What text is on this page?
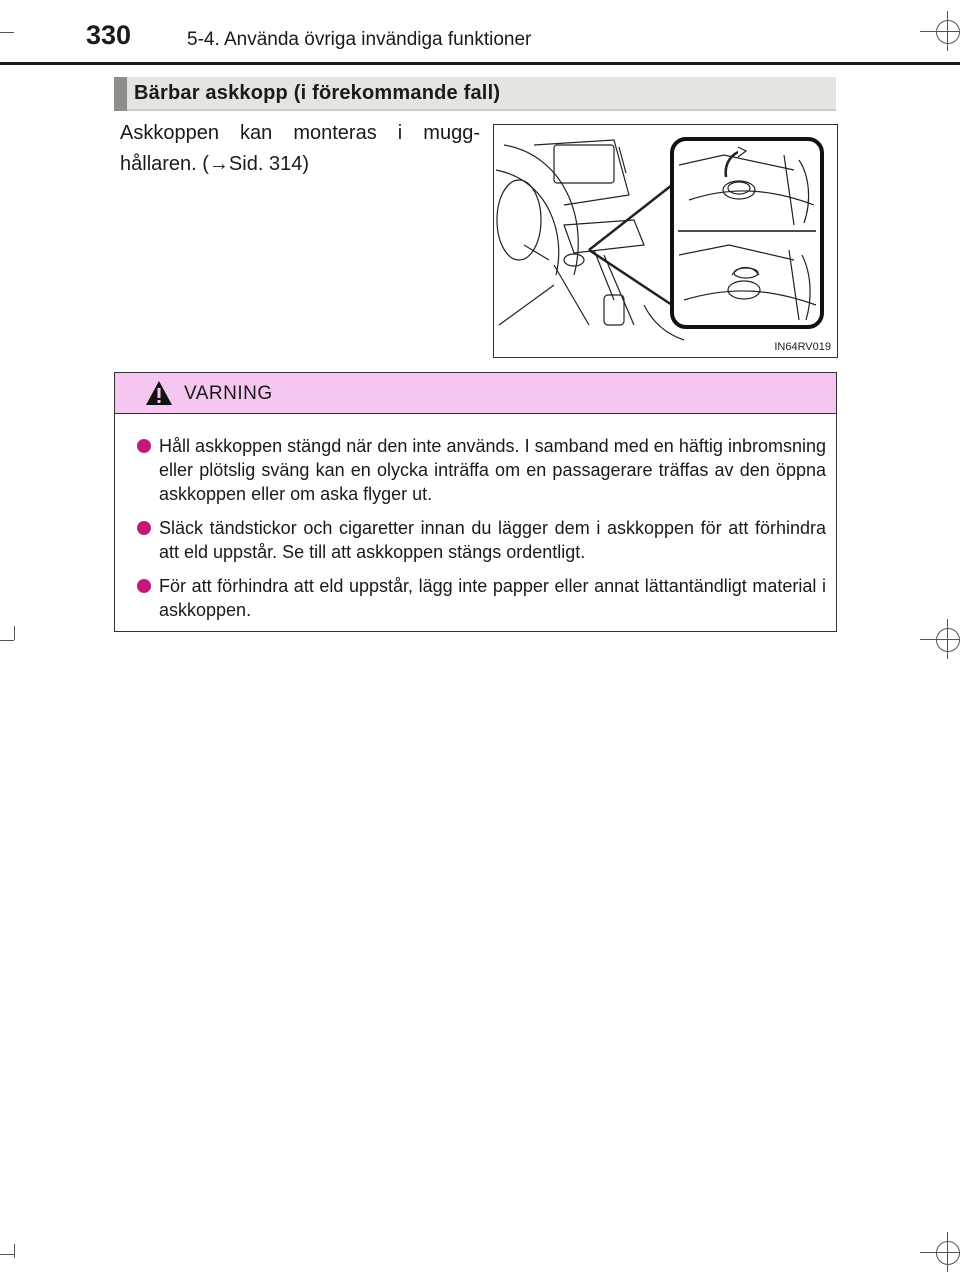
330	5-4. Använda övriga invändiga funktioner
Bärbar askkopp (i förekommande fall)
Askkoppen kan monteras i mugg- hållaren. (→Sid. 314)
IN64RV019
VARNING
Håll askkoppen stängd när den inte används. I samband med en häftig inbromsning eller plötslig sväng kan en olycka inträffa om en passagerare träffas av den öppna askkoppen eller om aska flyger ut.
Släck tändstickor och cigaretter innan du lägger dem i askkoppen för att förhindra att eld uppstår. Se till att askkoppen stängs ordentligt.
För att förhindra att eld uppstår, lägg inte papper eller annat lättantändligt material i askkoppen.
